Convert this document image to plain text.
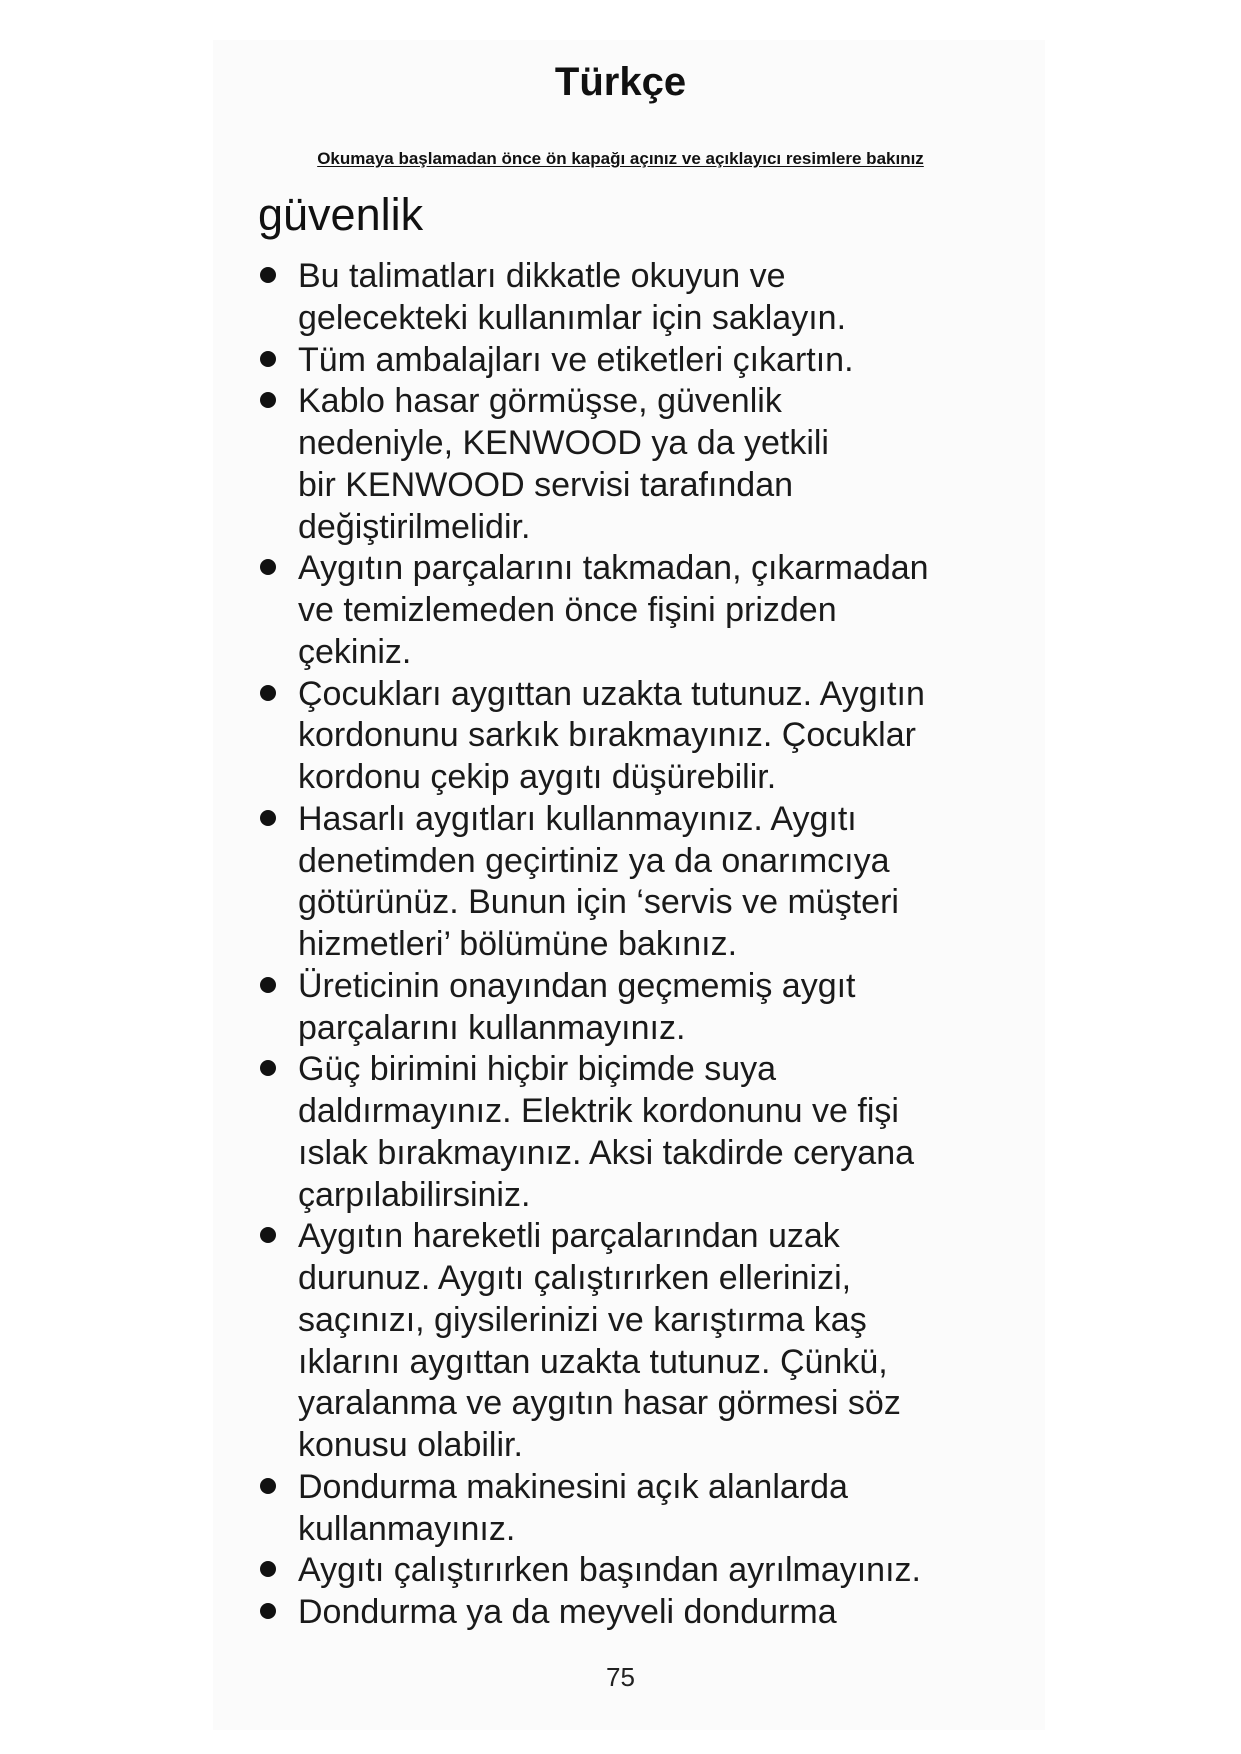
Türkçe
Okumaya başlamadan önce ön kapağı açınız ve açıklayıcı resimlere bakınız
güvenlik
Bu talimatları dikkatle okuyun ve
gelecekteki kullanımlar için saklayın.
Tüm ambalajları ve etiketleri çıkartın.
Kablo hasar görmüşse, güvenlik
nedeniyle, KENWOOD ya da yetkili
bir KENWOOD servisi tarafından
değiştirilmelidir.
Aygıtın parçalarını takmadan, çıkarmadan
ve temizlemeden önce fişini prizden
çekiniz.
Çocukları aygıttan uzakta tutunuz. Aygıtın
kordonunu sarkık bırakmayınız. Çocuklar
kordonu çekip aygıtı düşürebilir.
Hasarlı aygıtları kullanmayınız. Aygıtı
denetimden geçirtiniz ya da onarımcıya
götürünüz. Bunun için ‘servis ve müşteri
hizmetleri’ bölümüne bakınız.
Üreticinin onayından geçmemiş aygıt
parçalarını kullanmayınız.
Güç birimini hiçbir biçimde suya
daldırmayınız. Elektrik kordonunu ve fişi
ıslak bırakmayınız. Aksi takdirde ceryana
çarpılabilirsiniz.
Aygıtın hareketli parçalarından uzak
durunuz. Aygıtı çalıştırırken ellerinizi,
saçınızı, giysilerinizi ve karıştırma kaş
ıklarını aygıttan uzakta tutunuz. Çünkü,
yaralanma ve aygıtın hasar görmesi söz
konusu olabilir.
Dondurma makinesini açık alanlarda
kullanmayınız.
Aygıtı çalıştırırken başından ayrılmayınız.
Dondurma ya da meyveli dondurma
75
